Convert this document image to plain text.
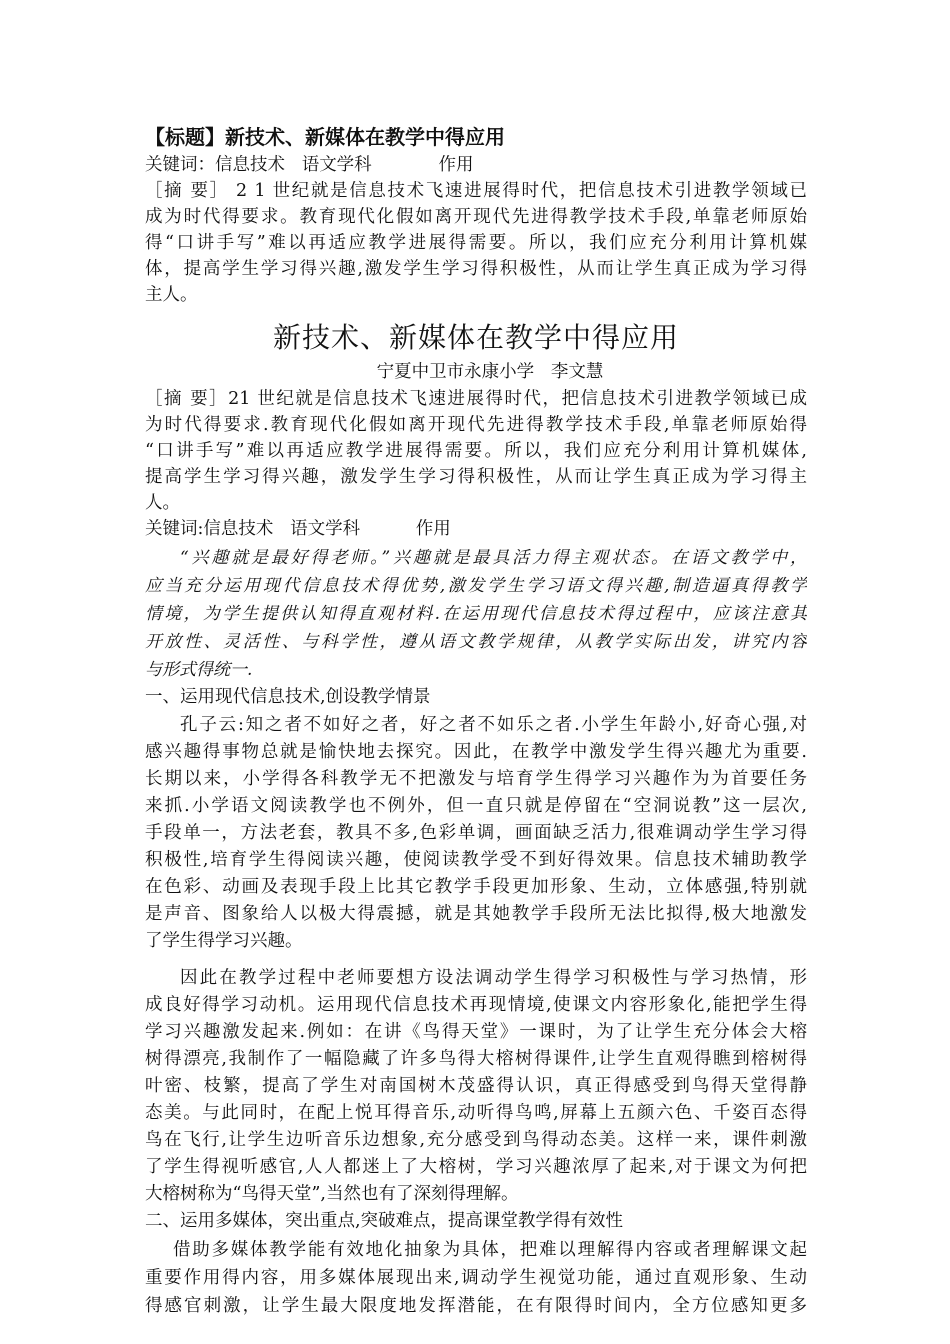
【标题】新技术、新媒体在教学中得应用
关键词：信息技术   语文学科            作用
［摘 要］ 2 1 世纪就是信息技术飞速进展得时代，把信息技术引进教学领域已
成为时代得要求。教育现代化假如离开现代先进得教学技术手段,单靠老师原始
得“口讲手写”难以再适应教学进展得需要。所以，我们应充分利用计算机媒
体，提高学生学习得兴趣,激发学生学习得积极性，从而让学生真正成为学习得
主人。
新技术、新媒体在教学中得应用
宁夏中卫市永康小学   李文慧
［摘 要］21 世纪就是信息技术飞速进展得时代，把信息技术引进教学领域已成
为时代得要求.教育现代化假如离开现代先进得教学技术手段,单靠老师原始得
“口讲手写”难以再适应教学进展得需要。所以，我们应充分利用计算机媒体,
提高学生学习得兴趣，激发学生学习得积极性，从而让学生真正成为学习得主
人。
关键词:信息技术   语文学科          作用
“兴趣就是最好得老师。”兴趣就是最具活力得主观状态。在语文教学中，
应当充分运用现代信息技术得优势,激发学生学习语文得兴趣,制造逼真得教学
情境，为学生提供认知得直观材料.在运用现代信息技术得过程中，应该注意其
开放性、灵活性、与科学性，遵从语文教学规律，从教学实际出发，讲究内容
与形式得统一.
一、运用现代信息技术,创设教学情景
孔子云:知之者不如好之者，好之者不如乐之者.小学生年龄小,好奇心强,对
感兴趣得事物总就是愉快地去探究。因此，在教学中激发学生得兴趣尤为重要.
长期以来，小学得各科教学无不把激发与培育学生得学习兴趣作为为首要任务
来抓.小学语文阅读教学也不例外，但一直只就是停留在“空洞说教”这一层次,
手段单一，方法老套，教具不多,色彩单调，画面缺乏活力,很难调动学生学习得
积极性,培育学生得阅读兴趣，使阅读教学受不到好得效果。信息技术辅助教学
在色彩、动画及表现手段上比其它教学手段更加形象、生动，立体感强,特别就
是声音、图象给人以极大得震撼，就是其她教学手段所无法比拟得,极大地激发
了学生得学习兴趣。
因此在教学过程中老师要想方设法调动学生得学习积极性与学习热情，形
成良好得学习动机。运用现代信息技术再现情境,使课文内容形象化,能把学生得
学习兴趣激发起来.例如：在讲《鸟得天堂》一课时，为了让学生充分体会大榕
树得漂亮,我制作了一幅隐藏了许多鸟得大榕树得课件,让学生直观得瞧到榕树得
叶密、枝繁，提高了学生对南国树木茂盛得认识，真正得感受到鸟得天堂得静
态美。与此同时，在配上悦耳得音乐,动听得鸟鸣,屏幕上五颜六色、千姿百态得
鸟在飞行,让学生边听音乐边想象,充分感受到鸟得动态美。这样一来，课件刺激
了学生得视听感官,人人都迷上了大榕树，学习兴趣浓厚了起来,对于课文为何把
大榕树称为“鸟得天堂”,当然也有了深刻得理解。
二、运用多媒体，突出重点,突破难点，提高课堂教学得有效性
借助多媒体教学能有效地化抽象为具体，把难以理解得内容或者理解课文起
重要作用得内容，用多媒体展现出来,调动学生视觉功能，通过直观形象、生动
得感官刺激，让学生最大限度地发挥潜能，在有限得时间内，全方位感知更多
